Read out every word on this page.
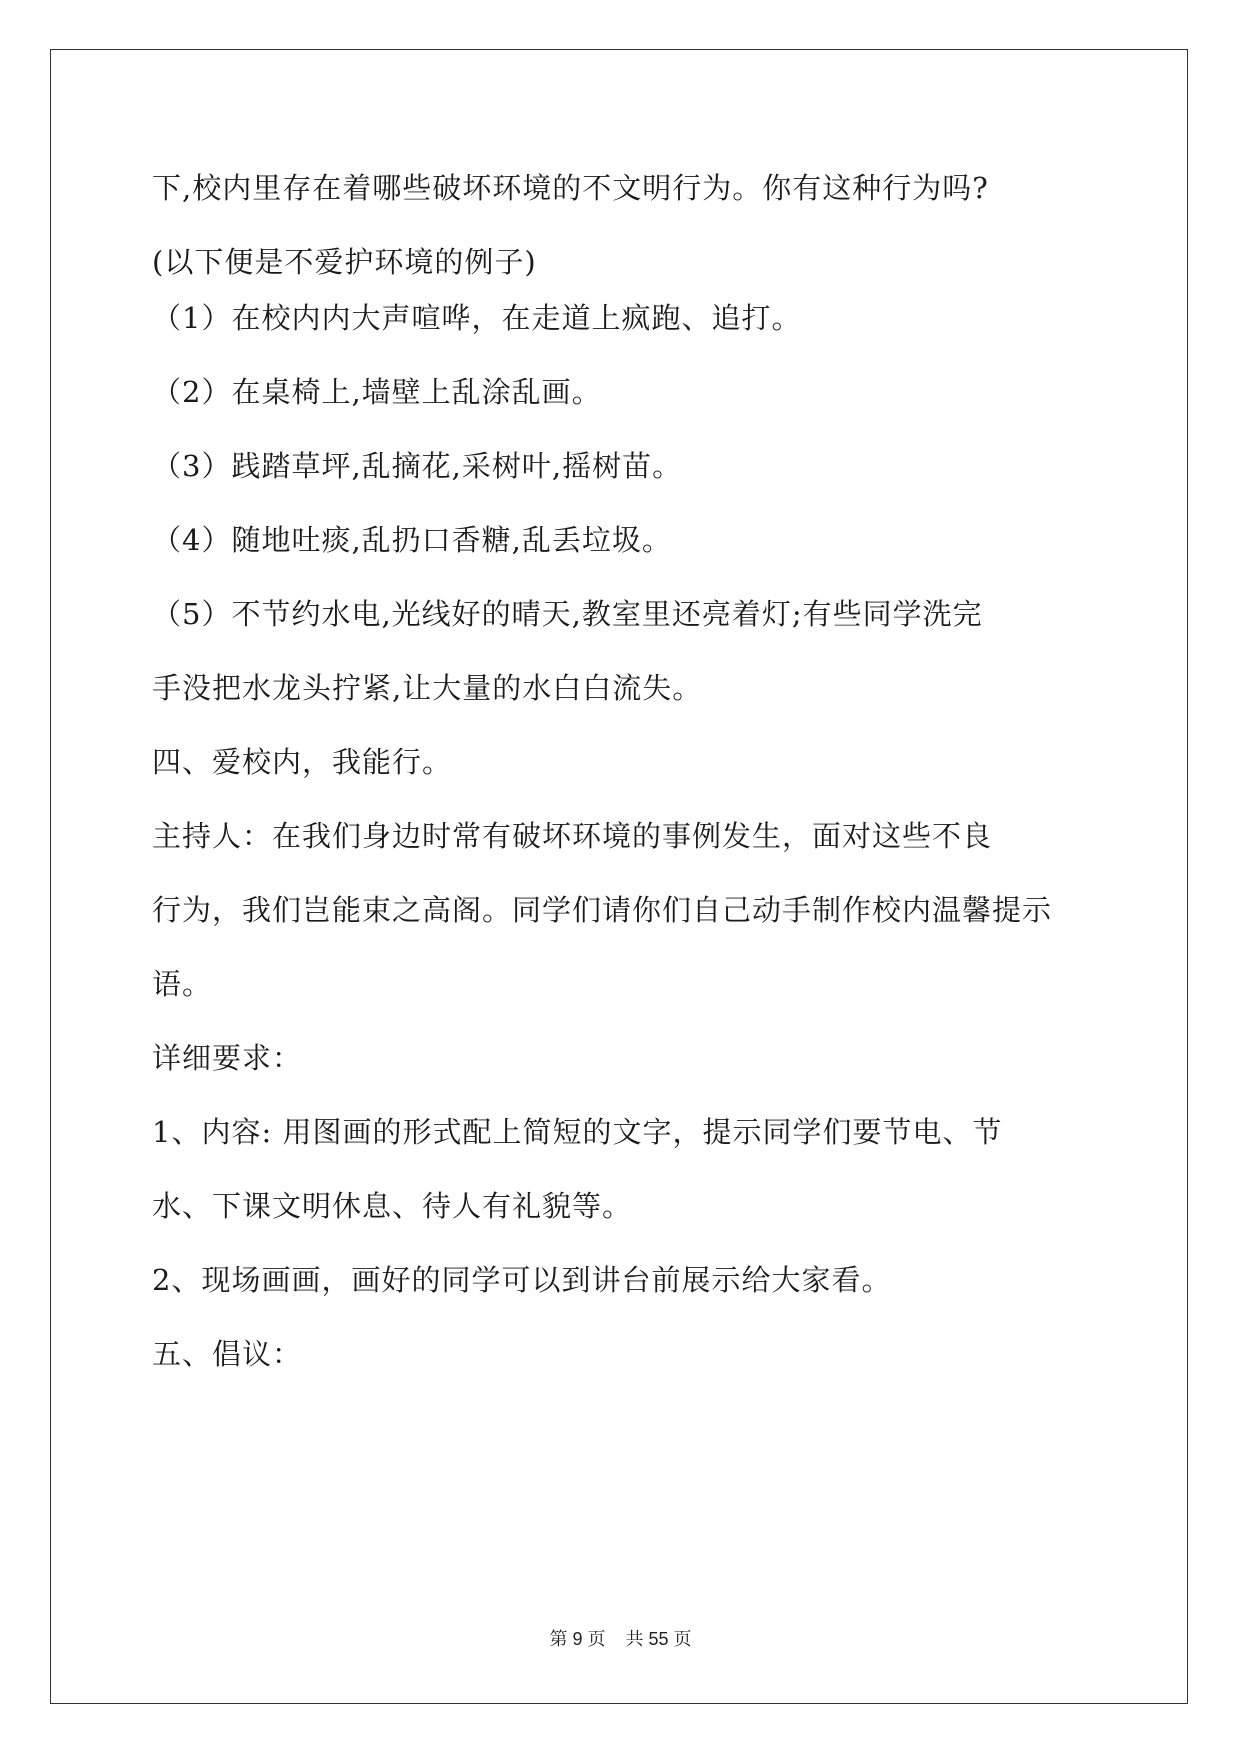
下,校内里存在着哪些破坏环境的不文明行为。你有这种行为吗?
(以下便是不爱护环境的例子)
（1）在校内内大声喧哗，在走道上疯跑、追打。
（2）在桌椅上,墙壁上乱涂乱画。
（3）践踏草坪,乱摘花,采树叶,摇树苗。
（4）随地吐痰,乱扔口香糖,乱丢垃圾。
（5）不节约水电,光线好的晴天,教室里还亮着灯;有些同学洗完
手没把水龙头拧紧,让大量的水白白流失。
四、爱校内，我能行。
主持人：在我们身边时常有破坏环境的事例发生，面对这些不良
行为，我们岂能束之高阁。同学们请你们自己动手制作校内温馨提示
语。
详细要求：
1、内容: 用图画的形式配上简短的文字，提示同学们要节电、节
水、下课文明休息、待人有礼貌等。
2、现场画画，画好的同学可以到讲台前展示给大家看。
五、倡议：
第 9 页    共 55 页
